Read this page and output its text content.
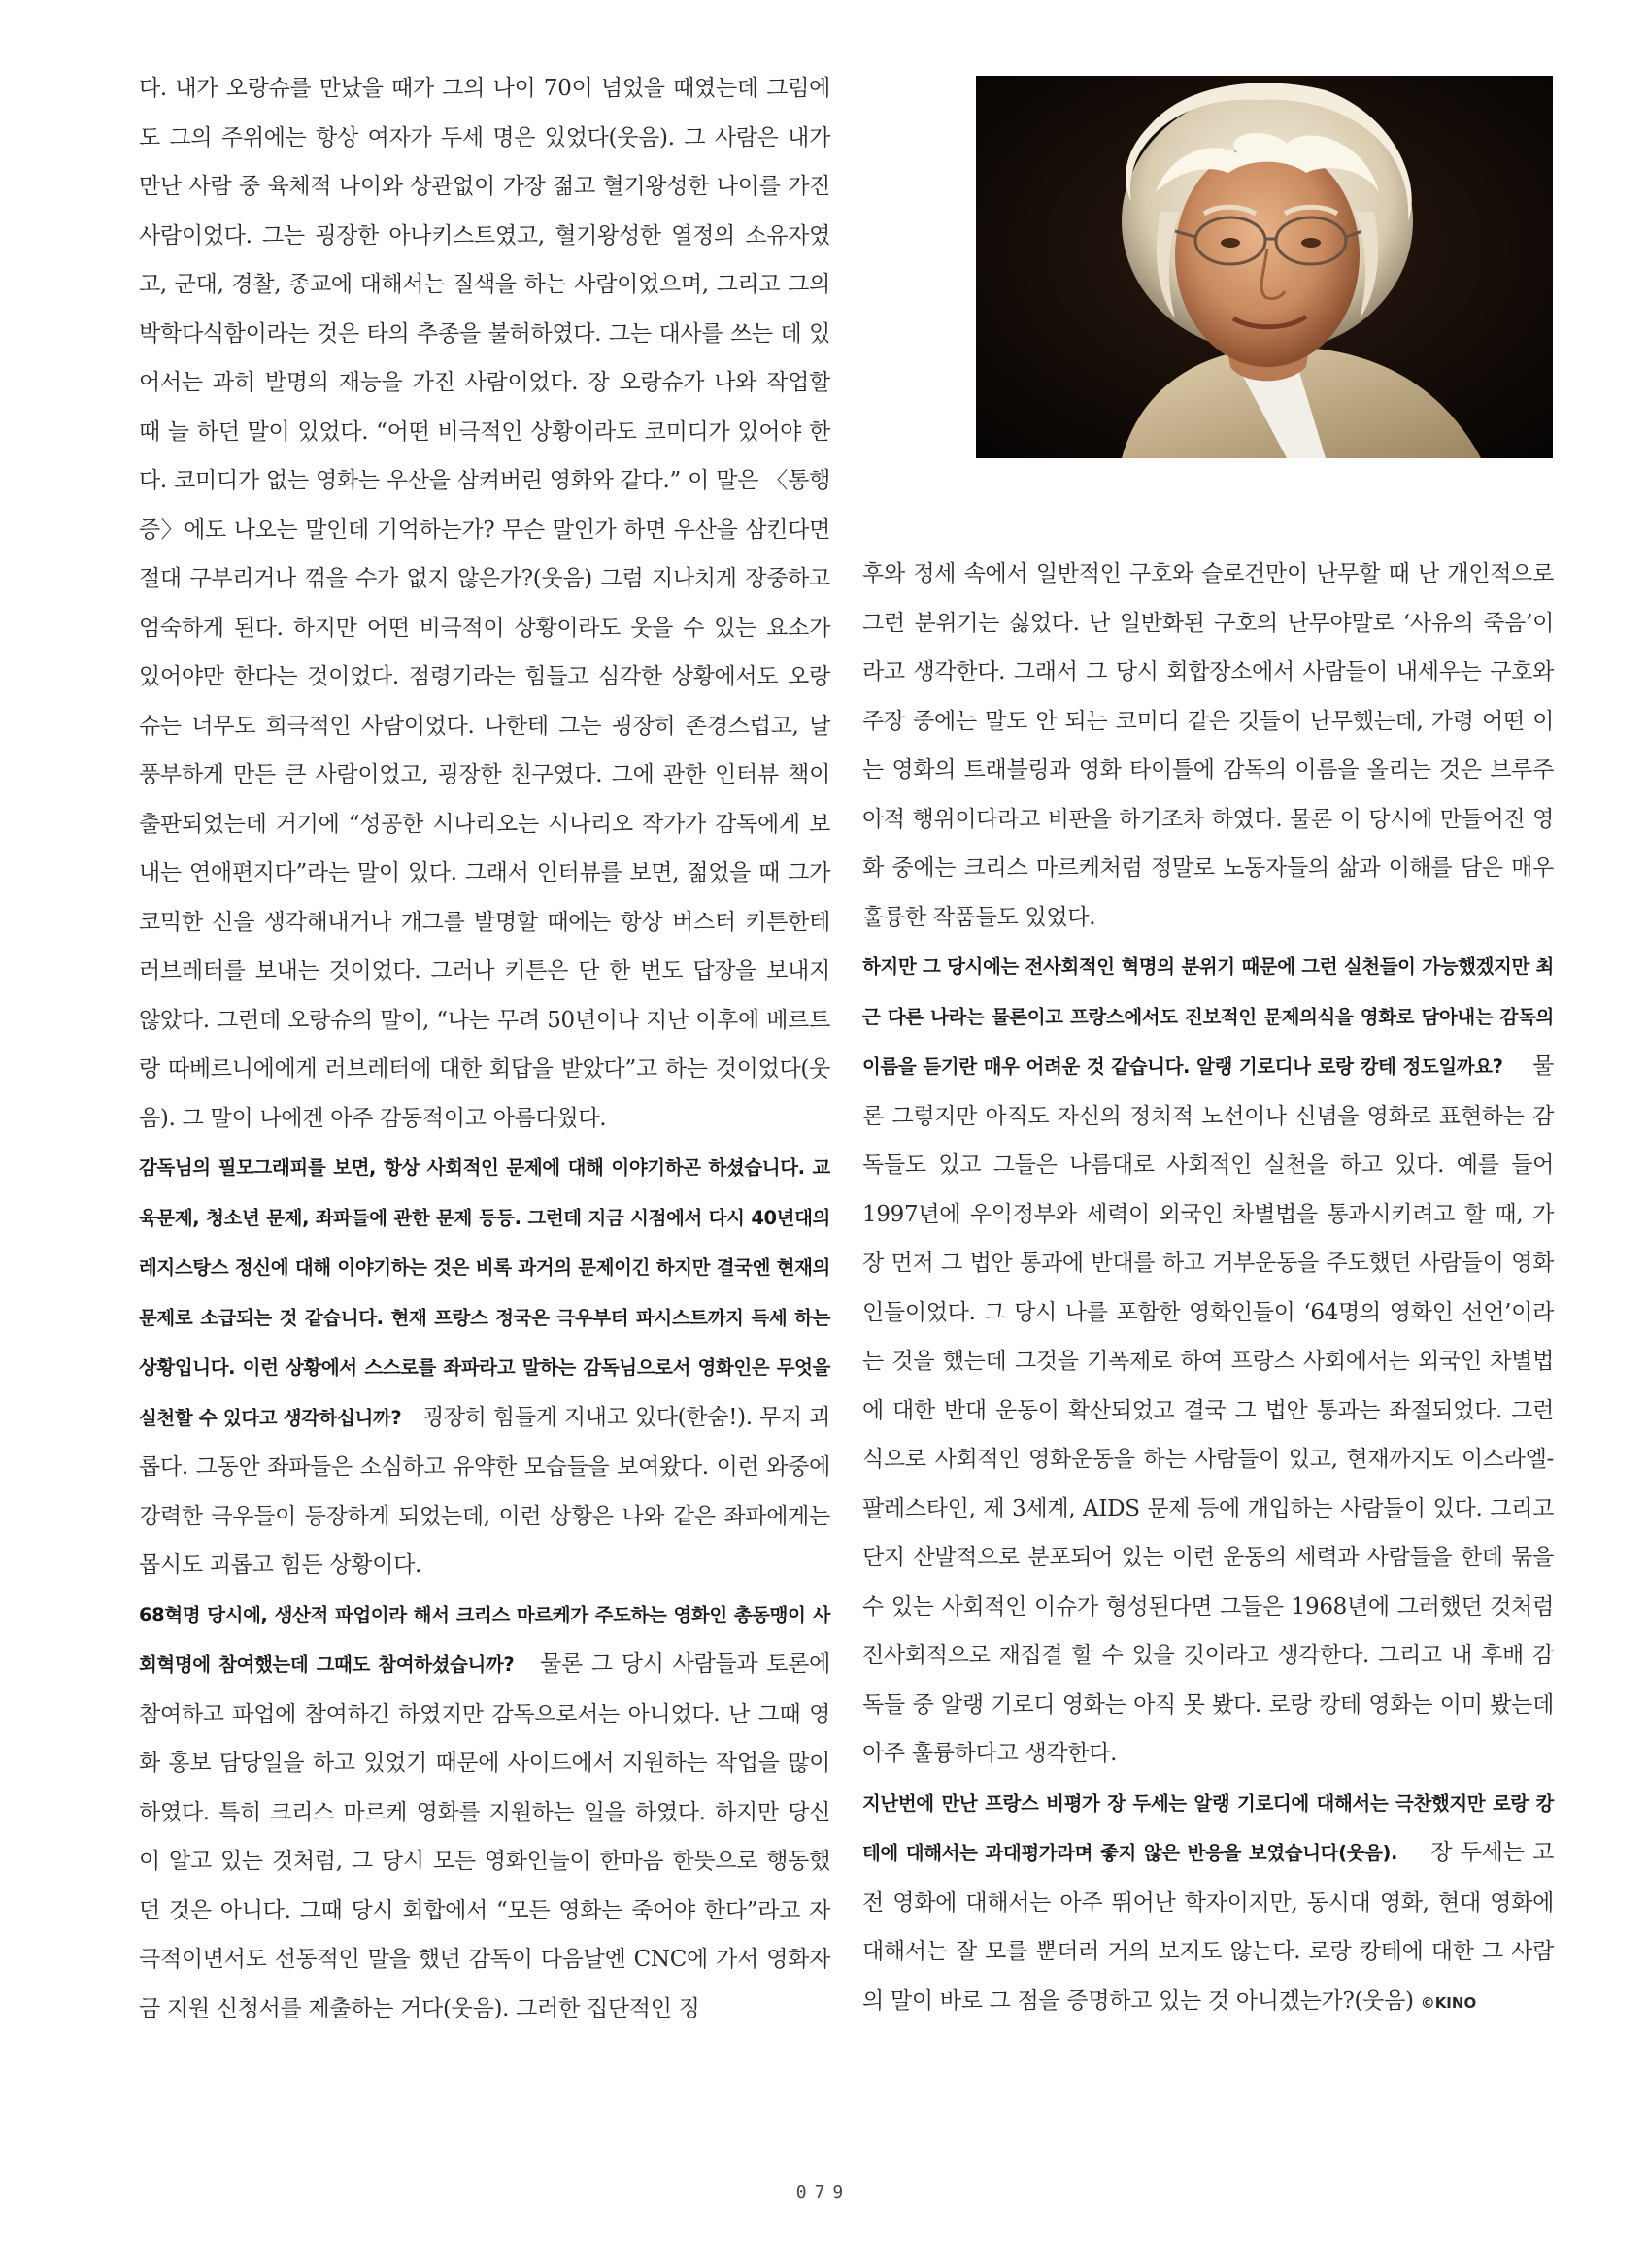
다. 내가 오랑슈를 만났을 때가 그의 나이 70이 넘었을 때였는데 그럼에도 그의 주위에는 항상 여자가 두세 명은 있었다(웃음). 그 사람은 내가 만난 사람 중 육체적 나이와 상관없이 가장 젊고 혈기왕성한 나이를 가진 사람이었다. 그는 굉장한 아나키스트였고, 혈기왕성한 열정의 소유자였고, 군대, 경찰, 종교에 대해서는 질색을 하는 사람이었으며, 그리고 그의 박학다식함이라는 것은 타의 추종을 불허하였다. 그는 대사를 쓰는 데 있어서는 과히 발명의 재능을 가진 사람이었다. 장 오랑슈가 나와 작업할 때 늘 하던 말이 있었다. “어떤 비극적인 상황이라도 코미디가 있어야 한다. 코미디가 없는 영화는 우산을 삼켜버린 영화와 같다.” 이 말은 〈통행증〉에도 나오는 말인데 기억하는가? 무슨 말인가 하면 우산을 삼킨다면 절대 구부리거나 꺾을 수가 없지 않은가?(웃음) 그럼 지나치게 장중하고 엄숙하게 된다. 하지만 어떤 비극적이 상황이라도 웃을 수 있는 요소가 있어야만 한다는 것이었다. 점령기라는 힘들고 심각한 상황에서도 오랑슈는 너무도 희극적인 사람이었다. 나한테 그는 굉장히 존경스럽고, 날 풍부하게 만든 큰 사람이었고, 굉장한 친구였다. 그에 관한 인터뷰 책이 출판되었는데 거기에 “성공한 시나리오는 시나리오 작가가 감독에게 보내는 연애편지다”라는 말이 있다. 그래서 인터뷰를 보면, 젊었을 때 그가 코믹한 신을 생각해내거나 개그를 발명할 때에는 항상 버스터 키튼한테 러브레터를 보내는 것이었다. 그러나 키튼은 단 한 번도 답장을 보내지 않았다. 그런데 오랑슈의 말이, “나는 무려 50년이나 지난 이후에 베르트랑 따베르니에에게 러브레터에 대한 회답을 받았다”고 하는 것이었다(웃음). 그 말이 나에겐 아주 감동적이고 아름다웠다.

감독님의 필모그래피를 보면, 항상 사회적인 문제에 대해 이야기하곤 하셨습니다. 교육문제, 청소년 문제, 좌파들에 관한 문제 등등. 그런데 지금 시점에서 다시 40년대의 레지스탕스 정신에 대해 이야기하는 것은 비록 과거의 문제이긴 하지만 결국엔 현재의 문제로 소급되는 것 같습니다. 현재 프랑스 정국은 극우부터 파시스트까지 득세 하는 상황입니다. 이런 상황에서 스스로를 좌파라고 말하는 감독님으로서 영화인은 무엇을 실천할 수 있다고 생각하십니까? 굉장히 힘들게 지내고 있다(한숨!). 무지 괴롭다. 그동안 좌파들은 소심하고 유약한 모습들을 보여왔다. 이런 와중에 강력한 극우들이 등장하게 되었는데, 이런 상황은 나와 같은 좌파에게는 몹시도 괴롭고 힘든 상황이다.

68혁명 당시에, 생산적 파업이라 해서 크리스 마르케가 주도하는 영화인 총동맹이 사회혁명에 참여했는데 그때도 참여하셨습니까? 물론 그 당시 사람들과 토론에 참여하고 파업에 참여하긴 하였지만 감독으로서는 아니었다. 난 그때 영화 홍보 담당일을 하고 있었기 때문에 사이드에서 지원하는 작업을 많이 하였다. 특히 크리스 마르케 영화를 지원하는 일을 하였다. 하지만 당신이 알고 있는 것처럼, 그 당시 모든 영화인들이 한마음 한뜻으로 행동했던 것은 아니다. 그때 당시 회합에서 “모든 영화는 죽어야 한다”라고 자극적이면서도 선동적인 말을 했던 감독이 다음날엔 CNC에 가서 영화자금 지원 신청서를 제출하는 거다(웃음). 그러한 집단적인 징

후와 정세 속에서 일반적인 구호와 슬로건만이 난무할 때 난 개인적으로 그런 분위기는 싫었다. 난 일반화된 구호의 난무야말로 ‘사유의 죽음’이라고 생각한다. 그래서 그 당시 회합장소에서 사람들이 내세우는 구호와 주장 중에는 말도 안 되는 코미디 같은 것들이 난무했는데, 가령 어떤 이는 영화의 트래블링과 영화 타이틀에 감독의 이름을 올리는 것은 브루주아적 행위이다라고 비판을 하기조차 하였다. 물론 이 당시에 만들어진 영화 중에는 크리스 마르케처럼 정말로 노동자들의 삶과 이해를 담은 매우 훌륭한 작품들도 있었다.

하지만 그 당시에는 전사회적인 혁명의 분위기 때문에 그런 실천들이 가능했겠지만 최근 다른 나라는 물론이고 프랑스에서도 진보적인 문제의식을 영화로 담아내는 감독의 이름을 듣기란 매우 어려운 것 같습니다. 알랭 기로디나 로랑 캉테 정도일까요? 물론 그렇지만 아직도 자신의 정치적 노선이나 신념을 영화로 표현하는 감독들도 있고 그들은 나름대로 사회적인 실천을 하고 있다. 예를 들어 1997년에 우익정부와 세력이 외국인 차별법을 통과시키려고 할 때, 가장 먼저 그 법안 통과에 반대를 하고 거부운동을 주도했던 사람들이 영화인들이었다. 그 당시 나를 포함한 영화인들이 ‘64명의 영화인 선언’이라는 것을 했는데 그것을 기폭제로 하여 프랑스 사회에서는 외국인 차별법에 대한 반대 운동이 확산되었고 결국 그 법안 통과는 좌절되었다. 그런 식으로 사회적인 영화운동을 하는 사람들이 있고, 현재까지도 이스라엘-팔레스타인, 제 3세계, AIDS 문제 등에 개입하는 사람들이 있다. 그리고 단지 산발적으로 분포되어 있는 이런 운동의 세력과 사람들을 한데 묶을 수 있는 사회적인 이슈가 형성된다면 그들은 1968년에 그러했던 것처럼 전사회적으로 재집결 할 수 있을 것이라고 생각한다. 그리고 내 후배 감독들 중 알랭 기로디 영화는 아직 못 봤다. 로랑 캉테 영화는 이미 봤는데 아주 훌륭하다고 생각한다.

지난번에 만난 프랑스 비평가 장 두세는 알랭 기로디에 대해서는 극찬했지만 로랑 캉테에 대해서는 과대평가라며 좋지 않은 반응을 보였습니다(웃음). 장 두세는 고전 영화에 대해서는 아주 뛰어난 학자이지만, 동시대 영화, 현대 영화에 대해서는 잘 모를 뿐더러 거의 보지도 않는다. 로랑 캉테에 대한 그 사람의 말이 바로 그 점을 증명하고 있는 것 아니겠는가?(웃음) ©KINO

079
